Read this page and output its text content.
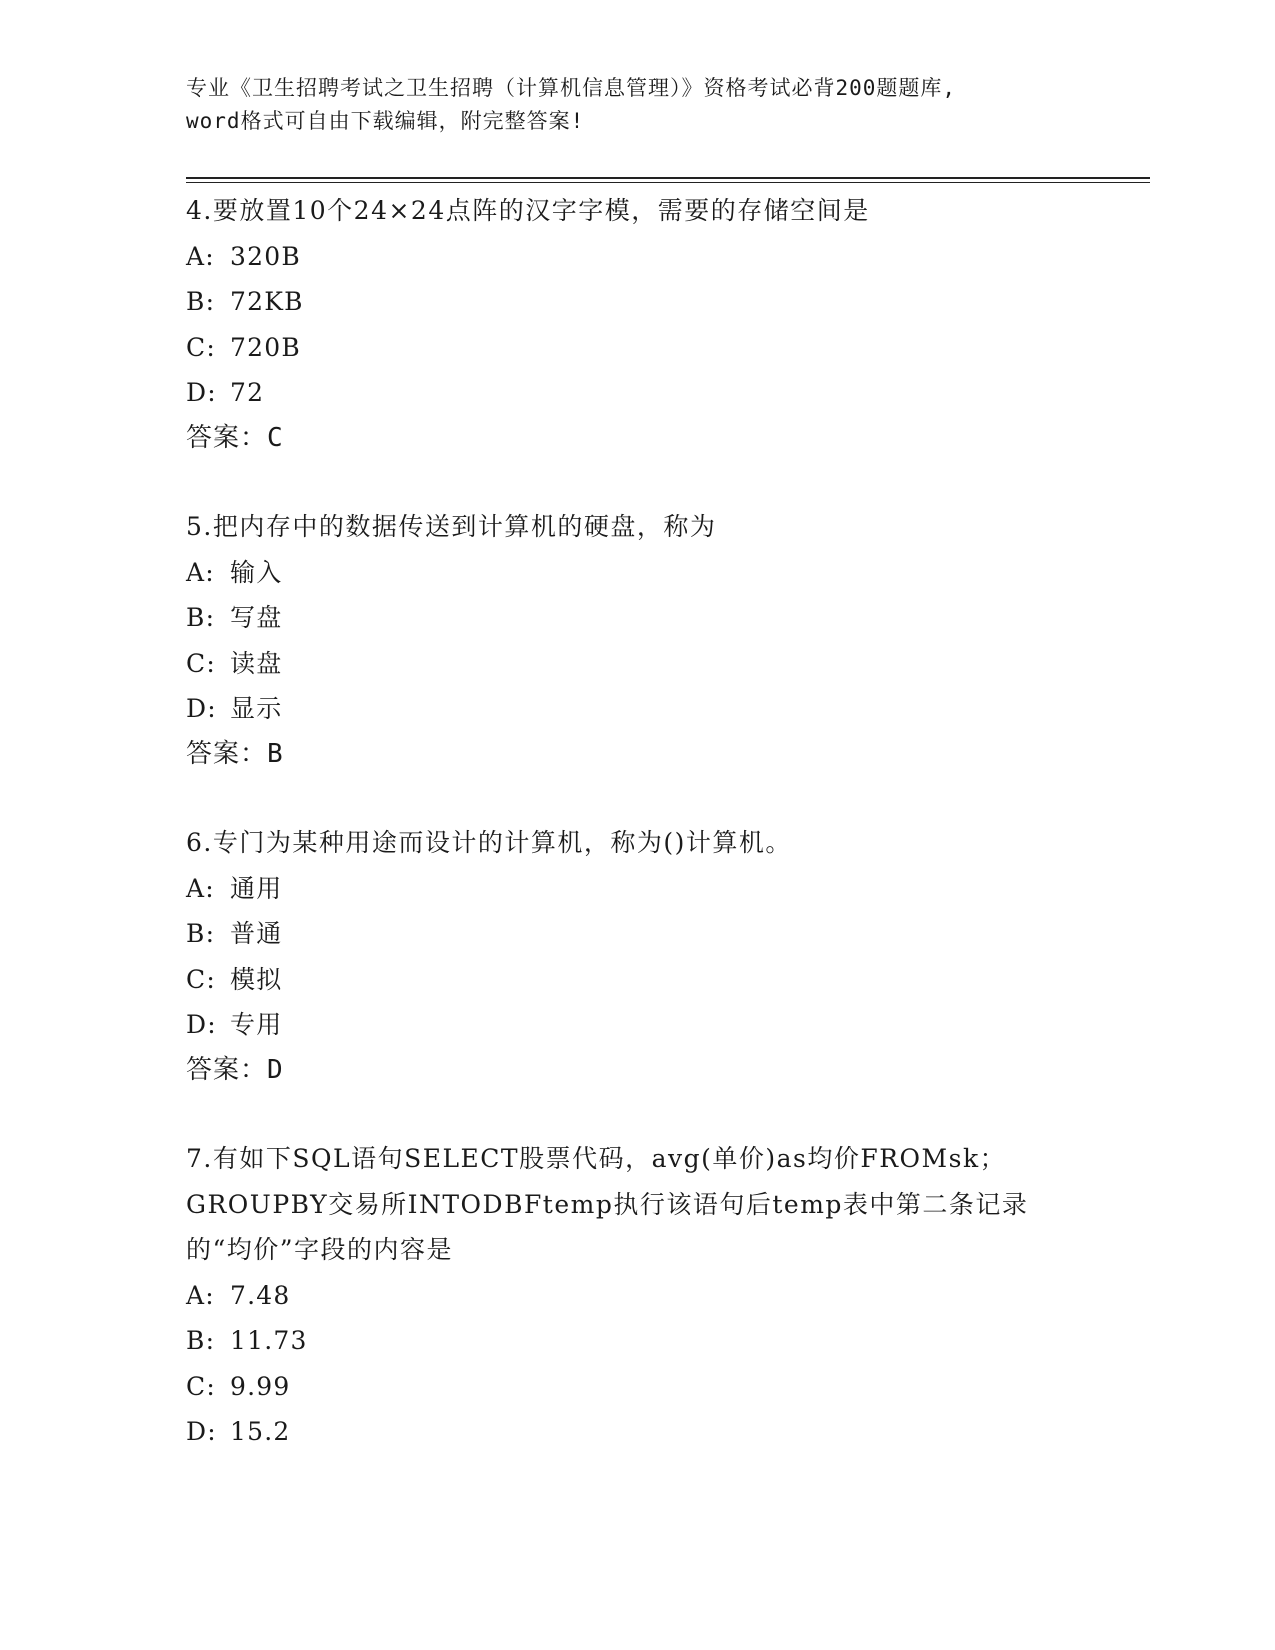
专业《卫生招聘考试之卫生招聘（计算机信息管理）》资格考试必背200题题库,
word格式可自由下载编辑，附完整答案!
4.要放置10个24×24点阵的汉字字模，需要的存储空间是
A: 320B
B: 72KB
C: 720B
D: 72
答案：C
5.把内存中的数据传送到计算机的硬盘，称为
A: 输入
B: 写盘
C: 读盘
D: 显示
答案：B
6.专门为某种用途而设计的计算机，称为()计算机。
A: 通用
B: 普通
C: 模拟
D: 专用
答案：D
7.有如下SQL语句SELECT股票代码，avg(单价)as均价FROMsk；GROUPBY交易所INTODBFtemp执行该语句后temp表中第二条记录的“均价”字段的内容是
A: 7.48
B: 11.73
C: 9.99
D: 15.2
